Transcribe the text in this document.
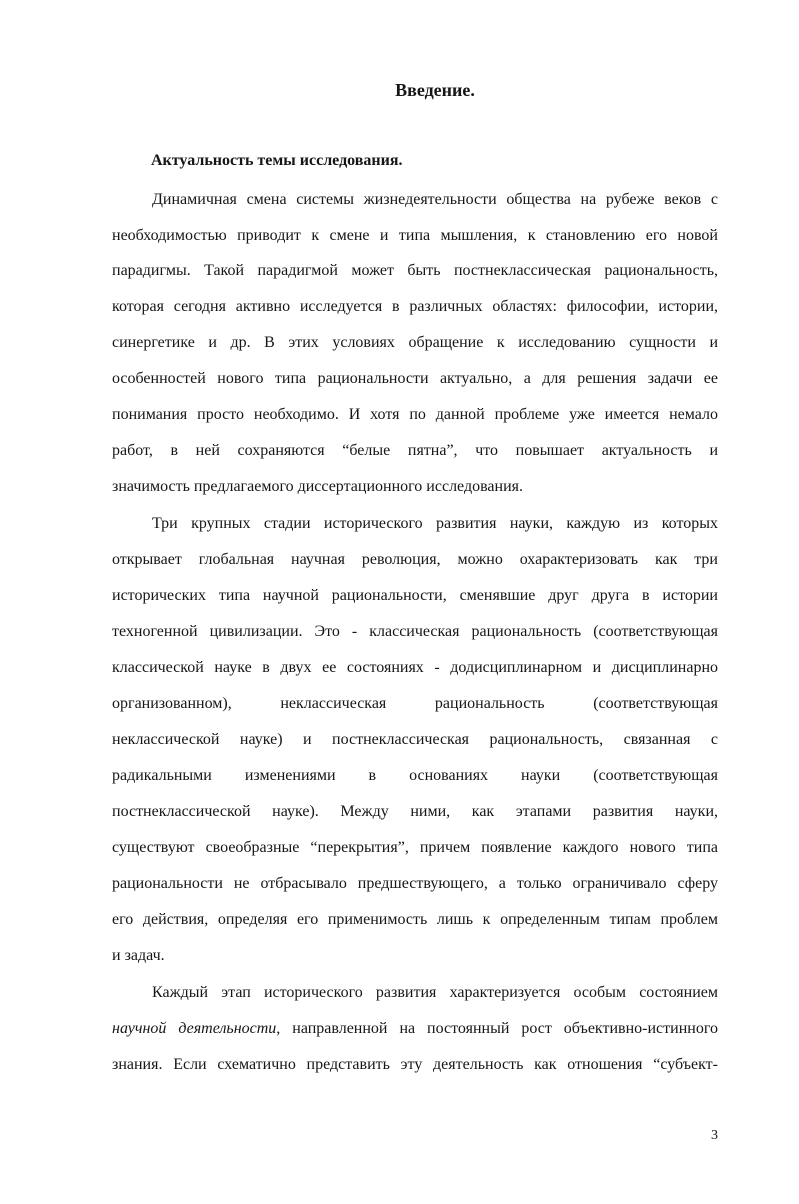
Введение.
Актуальность темы исследования.
Динамичная смена системы жизнедеятельности общества на рубеже веков с
необходимостью приводит к смене и типа мышления, к становлению его новой
парадигмы. Такой парадигмой может быть постнеклассическая рациональность,
которая сегодня активно исследуется в различных областях: философии, истории,
синергетике и др. В этих условиях обращение к исследованию сущности и
особенностей нового типа рациональности актуально, а для решения задачи ее
понимания просто необходимо. И хотя по данной проблеме уже имеется немало
работ, в ней сохраняются “белые пятна”, что повышает актуальность и
значимость предлагаемого диссертационного исследования.
Три крупных стадии исторического развития науки, каждую из которых
открывает глобальная научная революция, можно охарактеризовать как три
исторических типа научной рациональности, сменявшие друг друга в истории
техногенной цивилизации. Это - классическая рациональность (соответствующая
классической науке в двух ее состояниях - додисциплинарном и дисциплинарно
организованном), неклассическая рациональность (соответствующая
неклассической науке) и постнеклассическая рациональность, связанная с
радикальными изменениями в основаниях науки (соответствующая
постнеклассической науке). Между ними, как этапами развития науки,
существуют своеобразные “перекрытия”, причем появление каждого нового типа
рациональности не отбрасывало предшествующего, а только ограничивало сферу
его действия, определяя его применимость лишь к определенным типам проблем
и задач.
Каждый этап исторического развития характеризуется особым состоянием
научной деятельности, направленной на постоянный рост объективно-истинного
знания. Если схематично представить эту деятельность как отношения “субъект-
3
